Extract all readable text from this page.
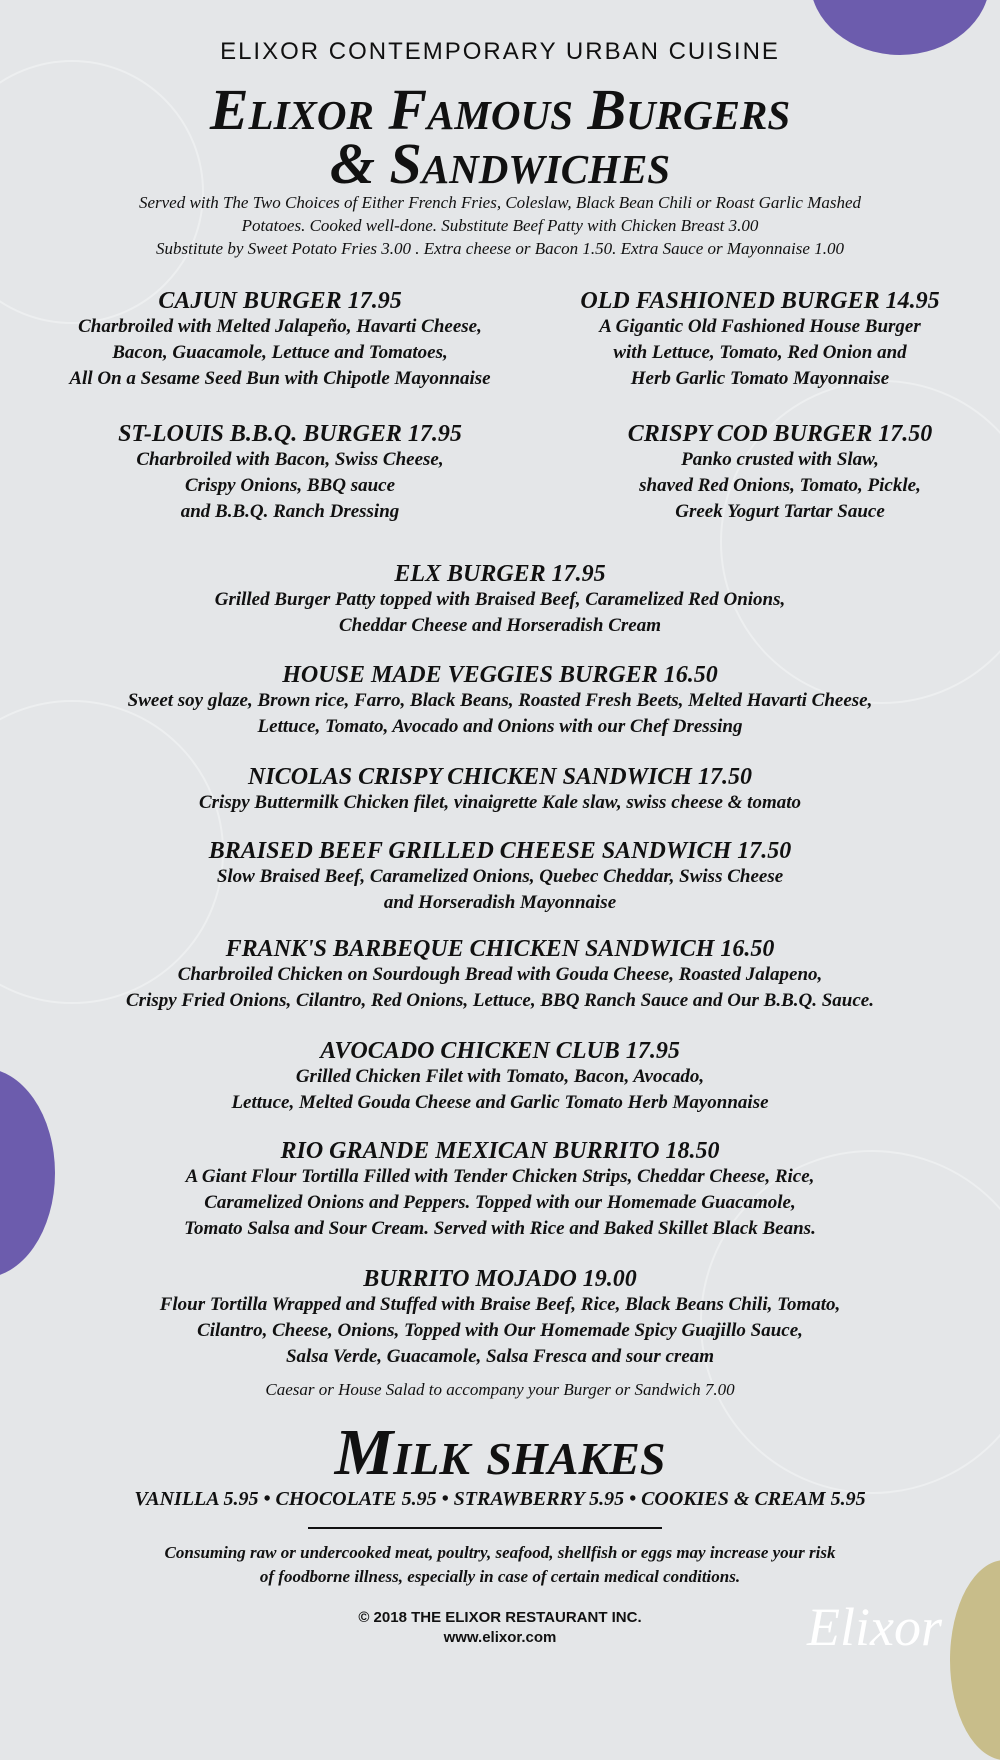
ELIXOR CONTEMPORARY URBAN CUISINE
Elixor Famous Burgers
& Sandwiches
Served with The Two Choices of Either French Fries, Coleslaw, Black Bean Chili or Roast Garlic Mashed
Potatoes. Cooked well-done. Substitute Beef Patty with Chicken Breast 3.00
Substitute by Sweet Potato Fries 3.00 . Extra cheese or Bacon 1.50. Extra Sauce or Mayonnaise 1.00
CAJUN BURGER 17.95
Charbroiled with Melted Jalapeño, Havarti Cheese,
Bacon, Guacamole, Lettuce and Tomatoes,
All On a Sesame Seed Bun with Chipotle Mayonnaise
OLD FASHIONED BURGER 14.95
A Gigantic Old Fashioned House Burger
with Lettuce, Tomato, Red Onion and
Herb Garlic Tomato Mayonnaise
ST-LOUIS B.B.Q. BURGER 17.95
Charbroiled with Bacon, Swiss Cheese,
Crispy Onions, BBQ sauce
and B.B.Q. Ranch Dressing
CRISPY COD BURGER 17.50
Panko crusted with Slaw,
shaved Red Onions, Tomato, Pickle,
Greek Yogurt Tartar Sauce
ELX BURGER 17.95
Grilled Burger Patty topped with Braised Beef, Caramelized Red Onions,
Cheddar Cheese and Horseradish Cream
HOUSE MADE VEGGIES BURGER 16.50
Sweet soy glaze, Brown rice, Farro, Black Beans, Roasted Fresh Beets, Melted Havarti Cheese,
Lettuce, Tomato, Avocado and Onions with our Chef Dressing
NICOLAS CRISPY CHICKEN SANDWICH 17.50
Crispy Buttermilk Chicken filet, vinaigrette Kale slaw, swiss cheese & tomato
BRAISED BEEF GRILLED CHEESE SANDWICH 17.50
Slow Braised Beef, Caramelized Onions, Quebec Cheddar, Swiss Cheese
and Horseradish Mayonnaise
FRANK'S BARBEQUE CHICKEN SANDWICH 16.50
Charbroiled Chicken on Sourdough Bread with Gouda Cheese, Roasted Jalapeno,
Crispy Fried Onions, Cilantro, Red Onions, Lettuce, BBQ Ranch Sauce and Our B.B.Q. Sauce.
AVOCADO CHICKEN CLUB 17.95
Grilled Chicken Filet with Tomato, Bacon, Avocado,
Lettuce, Melted Gouda Cheese and Garlic Tomato Herb Mayonnaise
RIO GRANDE MEXICAN BURRITO 18.50
A Giant Flour Tortilla Filled with Tender Chicken Strips, Cheddar Cheese, Rice,
Caramelized Onions and Peppers. Topped with our Homemade Guacamole,
Tomato Salsa and Sour Cream. Served with Rice and Baked Skillet Black Beans.
BURRITO MOJADO 19.00
Flour Tortilla Wrapped and Stuffed with Braise Beef, Rice, Black Beans Chili, Tomato,
Cilantro, Cheese, Onions, Topped with Our Homemade Spicy Guajillo Sauce,
Salsa Verde, Guacamole, Salsa Fresca and sour cream
Caesar or House Salad to accompany your Burger or Sandwich 7.00
Milk shakes
VANILLA 5.95 • CHOCOLATE 5.95 • STRAWBERRY 5.95 • COOKIES & CREAM 5.95
Consuming raw or undercooked meat, poultry, seafood, shellfish or eggs may increase your risk
of foodborne illness, especially in case of certain medical conditions.
© 2018 THE ELIXOR RESTAURANT INC.
www.elixor.com	Elixor
